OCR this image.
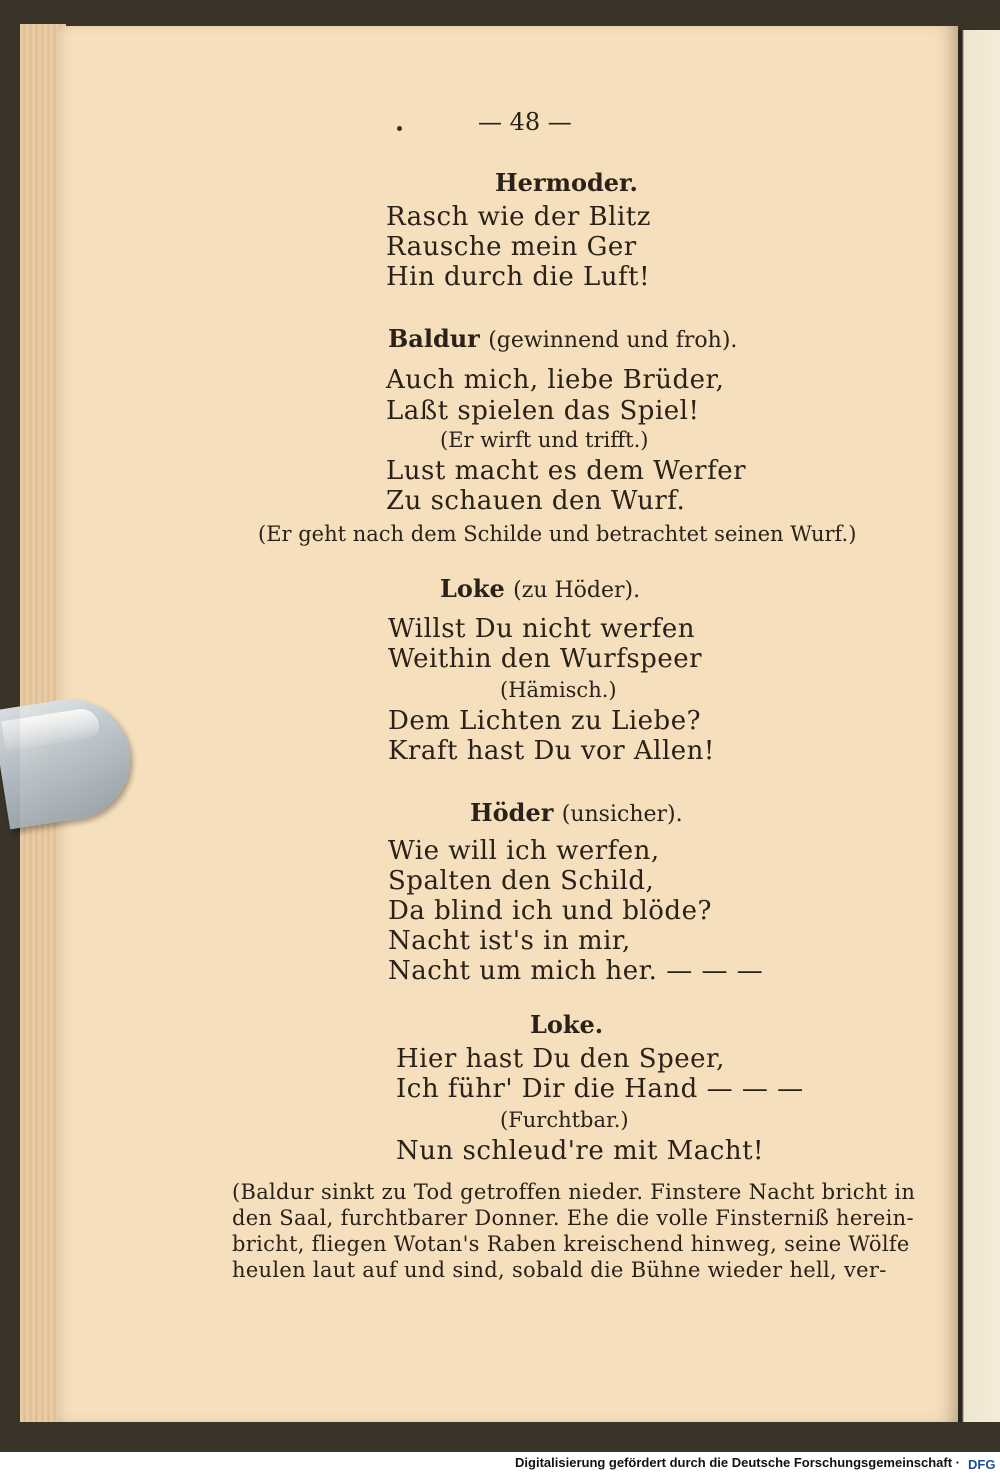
— 48 —

Hermoder.

Rasch wie der Blitz

Rausche mein Ger

Hin durch die Luft!

Baldur (gewinnend und froh).

Auch mich, liebe Brüder,

Laßt spielen das Spiel!

(Er wirft und trifft.)

Lust macht es dem Werfer

Zu schauen den Wurf.

(Er geht nach dem Schilde und betrachtet seinen Wurf.)

Loke (zu Höder).

Willst Du nicht werfen

Weithin den Wurfspeer

(Hämisch.)

Dem Lichten zu Liebe?

Kraft hast Du vor Allen!

Höder (unsicher).

Wie will ich werfen,

Spalten den Schild,

Da blind ich und blöde?

Nacht ist's in mir,

Nacht um mich her. — — —

Loke.

Hier hast Du den Speer,

Ich führ' Dir die Hand — — —

(Furchtbar.)

Nun schleud're mit Macht!

(Baldur sinkt zu Tod getroffen nieder. Finstere Nacht bricht in

den Saal, furchtbarer Donner. Ehe die volle Finsterniß herein-

bricht, fliegen Wotan's Raben kreischend hinweg, seine Wölfe

heulen laut auf und sind, sobald die Bühne wieder hell, ver-

Digitalisierung gefördert durch die Deutsche Forschungsgemeinschaft · DFG
